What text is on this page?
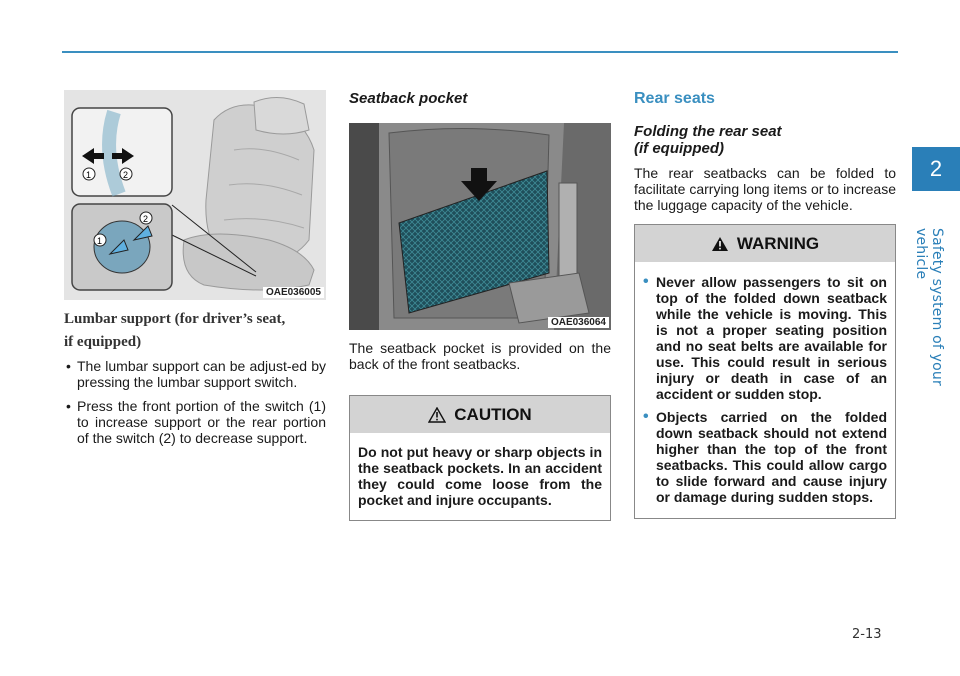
2
Safety system of your vehicle
1	2
1
2
OAE036005
Lumbar support (for driver’s seat,
if equipped)
• The lumbar support can be adjust-ed by pressing the lumbar support switch.
• Press the front portion of the switch (1) to increase support or the rear portion of the switch (2) to decrease support.
Seatback pocket
OAE036064

The seatback pocket is provided on the back of the front seatbacks.

CAUTION
Do not put heavy or sharp objects in the seatback pockets. In an accident they could come loose from the pocket and injure occupants.
Rear seats
Folding the rear seat
(if equipped)

The rear seatbacks can be folded to facilitate carrying long items or to increase the luggage capacity of the vehicle.

WARNING
• Never allow passengers to sit on top of the folded down seatback while the vehicle is moving. This is not a proper seating position and no seat belts are available for use. This could result in serious injury or death in case of an accident or sudden stop.
• Objects carried on the folded down seatback should not extend higher than the top of the front seatbacks. This could allow cargo to slide forward and cause injury or damage during sudden stops.
2-13
